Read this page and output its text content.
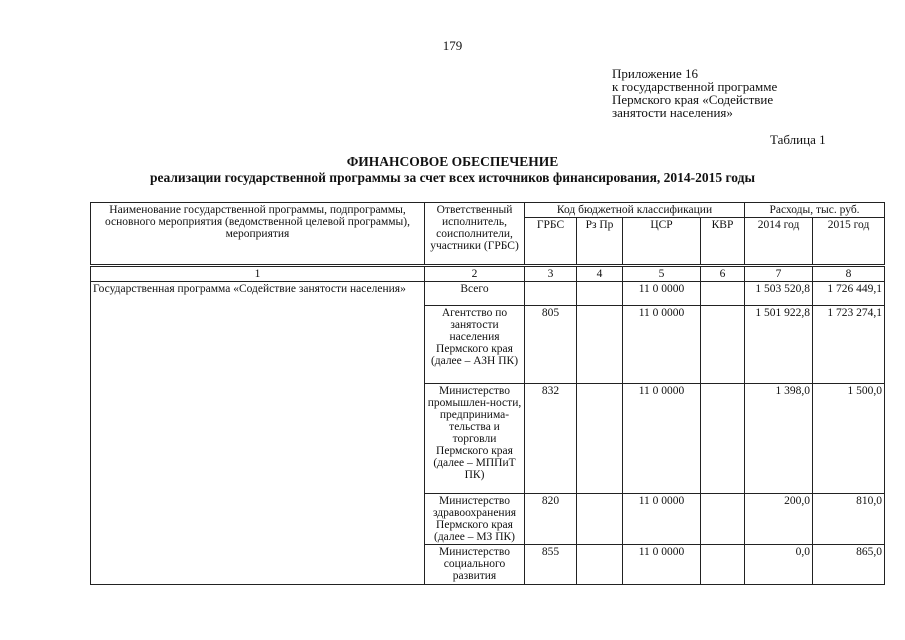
179
Приложение 16
к государственной программе
Пермского края «Содействие
занятости населения»
Таблица 1
ФИНАНСОВОЕ ОБЕСПЕЧЕНИЕ
реализации государственной программы за счет всех источников финансирования, 2014-2015 годы
Наименование государственной программы, подпрограммы, основного мероприятия (ведомственной целевой программы), мероприятия	Ответственный исполнитель, соисполнители, участники (ГРБС)	Код бюджетной классификации				Расходы, тыс. руб.	
		ГРБС	Рз Пр	ЦСР	КВР	2014 год	2015 год
1	2	3	4	5	6	7	8
Государственная программа «Содействие занятости населения»	Всего			11 0 0000		1 503 520,8	1 726 449,1
	Агентство по занятости населения Пермского края (далее – АЗН ПК)	805		11 0 0000		1 501 922,8	1 723 274,1
	Министерство промышлен-ности, предпринима-тельства и торговли Пермского края (далее – МППиТ ПК)	832		11 0 0000		1 398,0	1 500,0
	Министерство здравоохранения Пермского края (далее – МЗ ПК)	820		11 0 0000		200,0	810,0
	Министерство социального развития	855		11 0 0000		0,0	865,0
